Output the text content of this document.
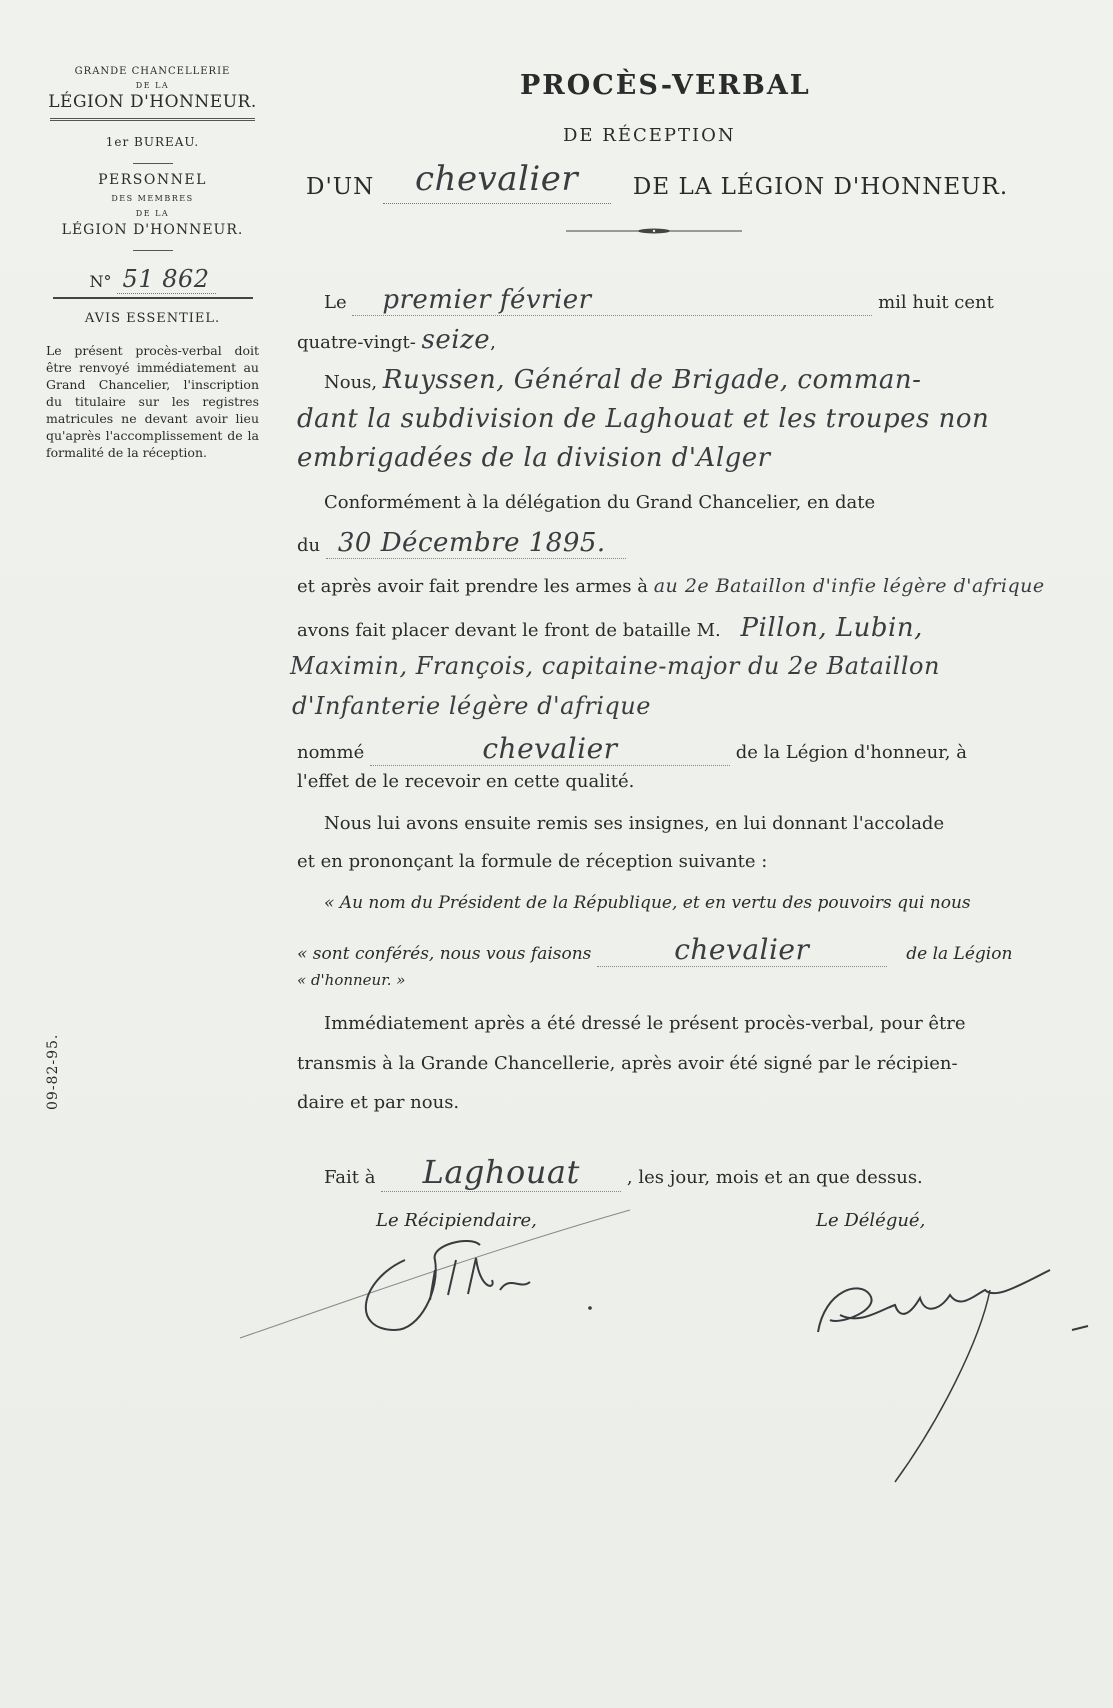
GRANDE CHANCELLERIE
DE LA
LÉGION D'HONNEUR.
1er BUREAU.
PERSONNEL
DES MEMBRES
DE LA
LÉGION D'HONNEUR.
N° 51 862
AVIS ESSENTIEL.
Le présent procès-verbal doit être renvoyé immédiatement au Grand Chancelier, l'inscription du titulaire sur les registres matricules ne devant avoir lieu qu'après l'accomplissement de la formalité de la réception.
09-82-95.
PROCÈS-VERBAL
DE RÉCEPTION
D'UN chevalier DE LA LÉGION D'HONNEUR.
Le premier février	mil huit cent
quatre-vingt- seize,
Nous, Ruyssen, Général de Brigade, comman-
dant la subdivision de Laghouat et les troupes non
embrigadées de la division d'Alger
Conformément à la délégation du Grand Chancelier, en date
du 30 Décembre 1895.
et après avoir fait prendre les armes à au 2e Bataillon d'infie légère d'afrique
avons fait placer devant le front de bataille M. Pillon, Lubin,
Maximin, François, capitaine-major du 2e Bataillon
d'Infanterie légère d'afrique
nommé	chevalier	de la Légion d'honneur, à
l'effet de le recevoir en cette qualité.
Nous lui avons ensuite remis ses insignes, en lui donnant l'accolade
et en prononçant la formule de réception suivante :
« Au nom du Président de la République, et en vertu des pouvoirs qui nous
« sont conférés, nous vous faisons	chevalier	de la Légion
« d'honneur. »
Immédiatement après a été dressé le présent procès-verbal, pour être
transmis à la Grande Chancellerie, après avoir été signé par le récipien-
daire et par nous.
Fait à Laghouat	, les jour, mois et an que dessus.
Le Récipiendaire,	Le Délégué,
